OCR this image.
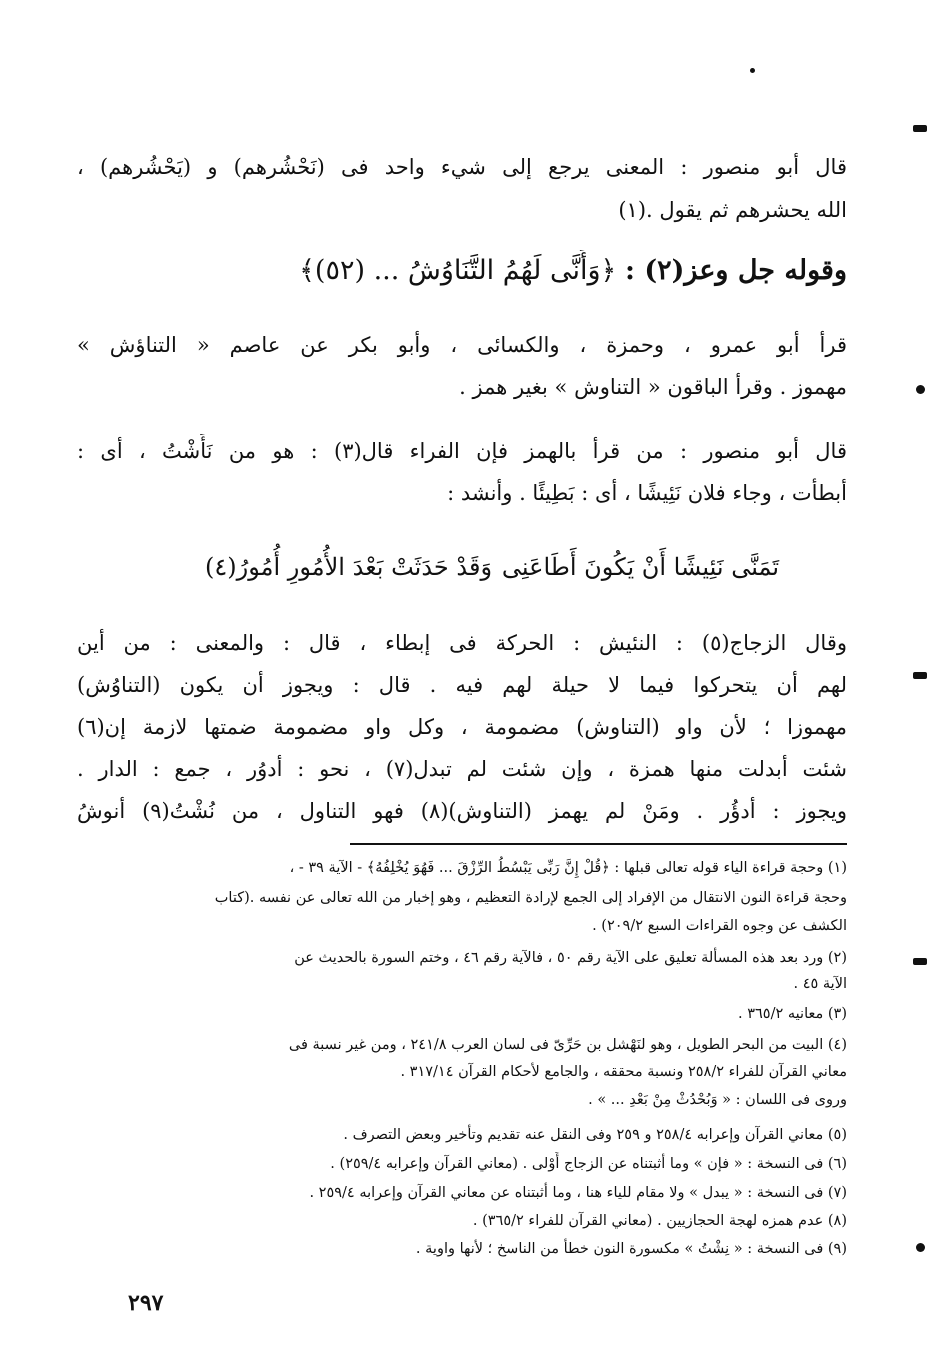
قال أبو منصور : المعنى يرجع إلى شيء واحد فى (نَحْشُرهم) و (يَحْشُرهم) ،
الله يحشرهم ثم يقول .(١)
وقوله جل وعز(٢) : ﴿وَأَنَّى لَهُمُ التَّنَاوُشُ ... (٥٢)﴾
قرأ أبو عمرو ، وحمزة ، والكسائى ، وأبو بكر عن عاصم « التناؤش »
مهموز . وقرأ الباقون « التناوش » بغير همز .
قال أبو منصور : من قرأ بالهمز فإن الفراء قال(٣) : هو من نَأَشْتُ ، أى :
أبطأت ، وجاء فلان نَئِيشًا ، أى : بَطِيئًا . وأنشد :
تَمَنَّى نَئِيشًا أَنْ يَكُونَ أَطَاعَنِى
وَقَدْ حَدَثَتْ بَعْدَ الأُمُورِ أُمُورُ(٤)
وقال الزجاج(٥) : النئيش : الحركة فى إبطاء ، قال : والمعنى : من أين
لهم أن يتحركوا فيما لا حيلة لهم فيه . قال : ويجوز أن يكون (التناوُش)
مهموزا ؛ لأن واو (التناوش) مضمومة ، وكل واو مضمومة ضمتها لازمة إن(٦)
شئت أبدلت منها همزة ، وإن شئت لم تبدل(٧) ، نحو : أدوُر ، جمع : الدار .
ويجوز : أدؤُر . ومَنْ لم يهمز (التناوش)(٨) فهو التناول ، من نُشْتُ(٩) أنوشُ
(١) وحجة قراءة الياء قوله تعالى قبلها : ﴿قُلْ إِنَّ رَبِّى يَبْسُطُ الرِّزْقَ ... فَهُوَ يُخْلِفُهُ﴾ - الآية ٣٩ - ،
وحجة قراءة النون الانتقال من الإفراد إلى الجمع لإرادة التعظيم ، وهو إخبار من الله تعالى عن نفسه .(كتاب
الكشف عن وجوه القراءات السبع ٢٠٩/٢) .
(٢) ورد بعد هذه المسألة تعليق على الآية رقم ٥٠ ، فالآية رقم ٤٦ ، وختم السورة بالحديث عن
الآية ٤٥ .
(٣) معانيه ٣٦٥/٢ .
(٤) البيت من البحر الطويل ، وهو لنَهْشل بن حَرِّىّ فى لسان العرب ٢٤١/٨ ، ومن غير نسبة فى
معاني القرآن للفراء ٢٥٨/٢ ونسبة محققه ، والجامع لأحكام القرآن ٣١٧/١٤ .
وروى فى اللسان : « وَبُحْدُثْ مِنْ بَعْدِ ... » .
(٥) معاني القرآن وإعرابه ٢٥٨/٤ و ٢٥٩ وفى النقل عنه تقديم وتأخير وبعض التصرف .
(٦) فى النسخة : « فإن » وما أثبتناه عن الزجاج أَوْلى . (معاني القرآن وإعرابه ٢٥٩/٤) .
(٧) فى النسخة : « يبدل » ولا مقام للياء هنا ، وما أثبتناه عن معاني القرآن وإعرابه ٢٥٩/٤ .
(٨) عدم همزه لهجة الحجازيين . (معاني القرآن للفراء ٣٦٥/٢) .
(٩) فى النسخة : « نِشْتُ » مكسورة النون خطأ من الناسخ ؛ لأنها واوية .
٢٩٧
